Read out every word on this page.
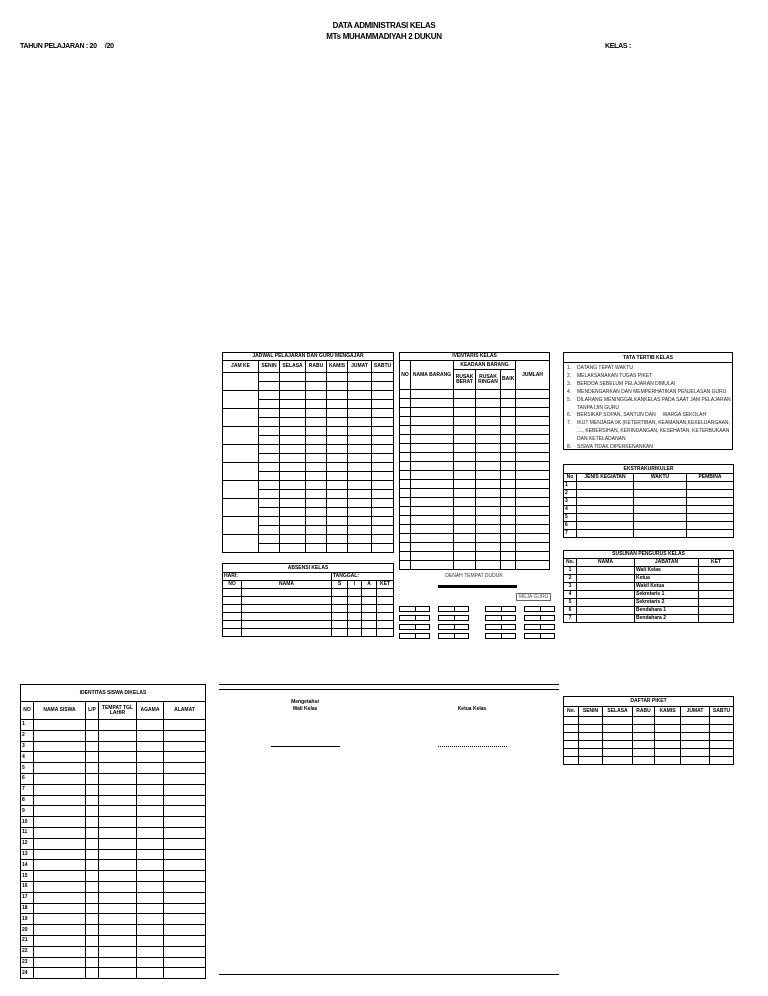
DATA ADMINISTRASI KELAS
MTs MUHAMMADIYAH 2 DUKUN
TAHUN PELAJARAN : 20     /20	KELAS :
JADWAL PELAJARAN DAN GURU MENGAJAR						
JAM KE	SENIN	SELASA	RABU	KAMIS	JUMAT	SABTU

IVENTARIS KELAS					
NO	NAMA BARANG	KEADAAN BARANG			JUMLAH
		RUSAK BERAT	RUSAK RINGAN	BAIK	

TATA TERTIB KELAS
1. DATANG TEPAT WAKTU
2. MELAKSANAKAN TUGAS PIKET
3. BERDOA SEBELUM PELAJARAN DIMULAI
4. MENDENGARKAN DAN MEMPERHATIKAN PENJELASAN GURU
5. DILARANG MENINGGALKANKELAS PADA SAAT JAM PELAJARAN
TANPA IJIN GURU
6. BERSIKAP SOPAN, SANTUN DAN     WARGA SEKOLAH
7. IKUT MENJAGA 9K (KETERTIBAN, KEAMANAN,KEKELUARGAAN,
...., KEBERSIHAN, KERINDANGAN, KESEHATAN, KETERBUKAAN
DAN KETELADANAN
8. SISWA TIDAK DIPERKENANKAN
EKSTRAKURIKULER			
No	JENIS KEGIATAN	WAKTU	PEMBINA
1			
2			
3			
4			
5			
6			
7			
SUSUNAN PENGURUS KELAS			
No.	NAMA	JABATAN	KET
1		Wali Kelas	
2		Ketua	
3		Wakil Ketua	
4		Sekretaris 1	
5		Sekretaris 2	
6		Bendahara 1	
7		Bendahara 2	
ABSENSI KELAS					
HARI:		TANGGAL:			
NO	NAMA	S	I	A	KET

DENAH TEMPAT DUDUK
MEJA GURU
IDENTITAS SISWA DIKELAS					
NO	NAMA SISWA	L/P	TEMPAT TGL LAHIR	AGAMA	ALAMAT
1					
2					
3					
4					
5					
6					
7					
8					
9					
10					
11					
12					
13					
14					
15					
16					
17					
18					
19					
20					
21					
22					
23					
24					
Mengetahui
Wali Kelas	Ketua Kelas
DAFTAR PIKET						
No.	SENIN	SELASA	RABU	KAMIS	JUMAT	SABTU
